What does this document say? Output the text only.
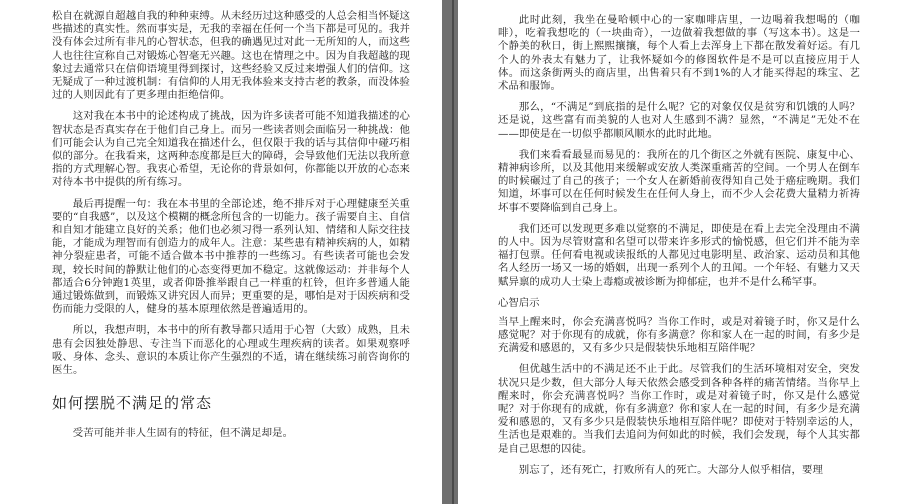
松自在就源自超越自我的种种束缚。从未经历过这种感受的人总会相当怀疑这些描述的真实性。然而事实是，无我的幸福在任何一个当下都是可见的。我并没有体会过所有非凡的心智状态，但我的确遇见过对此一无所知的人，而这些人也往往宣称自己对锻炼心智毫无兴趣。这也在情理之中。因为自我超越的现象过去通常只在信仰语境里得到探讨，这些经验又反过来增强人们的信仰。这无疑成了一种过渡机制：有信仰的人用无我体验来支持古老的教条，而没体验过的人则因此有了更多理由拒绝信仰。

这对我在本书中的论述构成了挑战，因为许多读者可能不知道我描述的心智状态是否真实存在于他们自己身上。而另一些读者则会面临另一种挑战：他们可能会认为自己完全知道我在描述什么，但仅限于我的话与其信仰中碰巧相似的部分。在我看来，这两种态度都是巨大的障碍，会导致他们无法以我所意指的方式理解心智。我衷心希望，无论你的背景如何，你都能以开放的心态来对待本书中提供的所有练习。

最后再提醒一句：我在本书里的全部论述，绝不排斥对于心理健康至关重要的“自我感”，以及这个模糊的概念所包含的一切能力。孩子需要自主、自信和自知才能建立良好的关系；他们也必须习得一系列认知、情绪和人际交往技能，才能成为理智而有创造力的成年人。注意：某些患有精神疾病的人，如精神分裂症患者，可能不适合做本书中推荐的一些练习。有些读者可能也会发现，较长时间的静默让他们的心态变得更加不稳定。这就像运动：并非每个人都适合6分钟跑1英里，或者仰卧推举跟自己一样重的杠铃，但许多普通人能通过锻炼做到，而锻炼又讲究因人而异；更重要的是，哪怕是对于因疾病和受伤而能力受限的人，健身的基本原理依然是普遍适用的。

所以，我想声明，本书中的所有教导都只适用于心智（大致）成熟，且未患有会因独处静思、专注当下而恶化的心理或生理疾病的读者。如果观察呼吸、身体、念头、意识的本质让你产生强烈的不适，请在继续练习前咨询你的医生。

如何摆脱不满足的常态

受苦可能并非人生固有的特征，但不满足却是。

此时此刻，我坐在曼哈顿中心的一家咖啡店里，一边喝着我想喝的（咖啡），吃着我想吃的（一块曲奇），一边做着我想做的事（写这本书）。这是一个静美的秋日，街上熙熙攘攘，每个人看上去浑身上下都在散发着好运。有几个人的外表太有魅力了，让我怀疑如今的修图软件是不是可以直接应用于人体。而这条街两头的商店里，出售着只有不到1%的人才能买得起的珠宝、艺术品和服饰。

那么，“不满足”到底指的是什么呢？它的对象仅仅是贫穷和饥饿的人吗？还是说，这些富有而美貌的人也对人生感到不满？显然，“不满足”无处不在——即使是在一切似乎都顺风顺水的此时此地。

我们来看看最显而易见的：我所在的几个街区之外就有医院、康复中心、精神病诊所，以及其他用来缓解或安放人类深重痛苦的空间。一个男人在倒车的时候碾过了自己的孩子；一个女人在新婚前夜得知自己处于癌症晚期。我们知道，坏事可以在任何时候发生在任何人身上，而不少人会花费大量精力祈祷坏事不要降临到自己身上。

我们还可以发现更多难以觉察的不满足，即使是在看上去完全没理由不满的人中。因为尽管财富和名望可以带来许多形式的愉悦感，但它们并不能为幸福打包票。任何看电视或读报纸的人都见过电影明星、政治家、运动员和其他名人经历一场又一场的婚姻，出现一系列个人的丑闻。一个年轻、有魅力又天赋异禀的成功人士染上毒瘾或被诊断为抑郁症，也并不是什么稀罕事。

心智启示

当早上醒来时，你会充满喜悦吗？当你工作时，或是对着镜子时，你又是什么感觉呢？对于你现有的成就，你有多满意？你和家人在一起的时间，有多少是充满爱和感恩的，又有多少只是假装快乐地相互陪伴呢？

但优越生活中的不满足还不止于此。尽管我们的生活环境相对安全，突发状况只是少数，但大部分人每天依然会感受到各种各样的痛苦情绪。当你早上醒来时，你会充满喜悦吗？当你工作时，或是对着镜子时，你又是什么感觉呢？对于你现有的成就，你有多满意？你和家人在一起的时间，有多少是充满爱和感恩的，又有多少只是假装快乐地相互陪伴呢？即使对于特别幸运的人，生活也是艰难的。当我们去追问为何如此的时候，我们会发现，每个人其实都是自己思想的囚徒。

别忘了，还有死亡，打败所有人的死亡。大部分人似乎相信，要理
